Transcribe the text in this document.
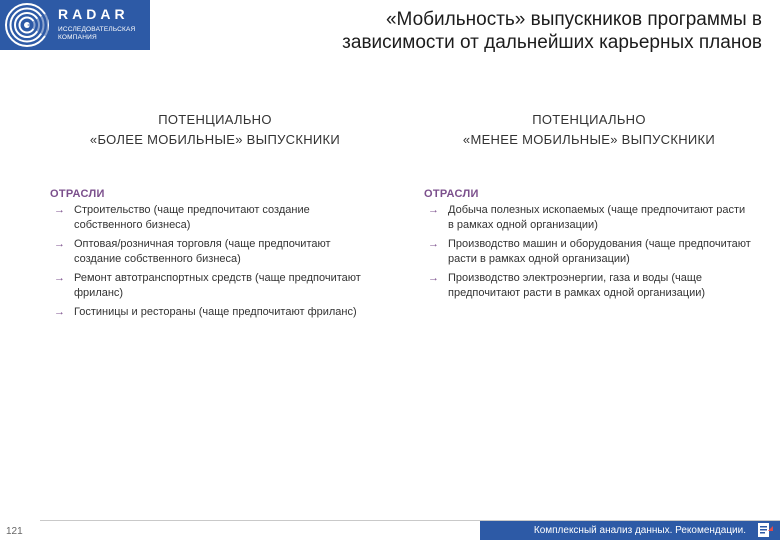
RADAR
ИССЛЕДОВАТЕЛЬСКАЯ
КОМПАНИЯ
«Мобильность» выпускников программы в
зависимости от дальнейших карьерных планов
ПОТЕНЦИАЛЬНО
«БОЛЕЕ МОБИЛЬНЫЕ» ВЫПУСКНИКИ
ОТРАСЛИ
→ Строительство (чаще предпочитают создание собственного бизнеса)
→ Оптовая/розничная торговля (чаще предпочитают создание собственного бизнеса)
→ Ремонт автотранспортных средств (чаще предпочитают фриланс)
→ Гостиницы и рестораны (чаще предпочитают фриланс)
ПОТЕНЦИАЛЬНО
«МЕНЕЕ МОБИЛЬНЫЕ» ВЫПУСКНИКИ
ОТРАСЛИ
→ Добыча полезных ископаемых (чаще предпочитают расти в рамках одной организации)
→ Производство машин и оборудования (чаще предпочитают расти в рамках одной организации)
→ Производство электроэнергии, газа и воды (чаще предпочитают расти в рамках одной организации)
121	Комплексный анализ данных. Рекомендации.
